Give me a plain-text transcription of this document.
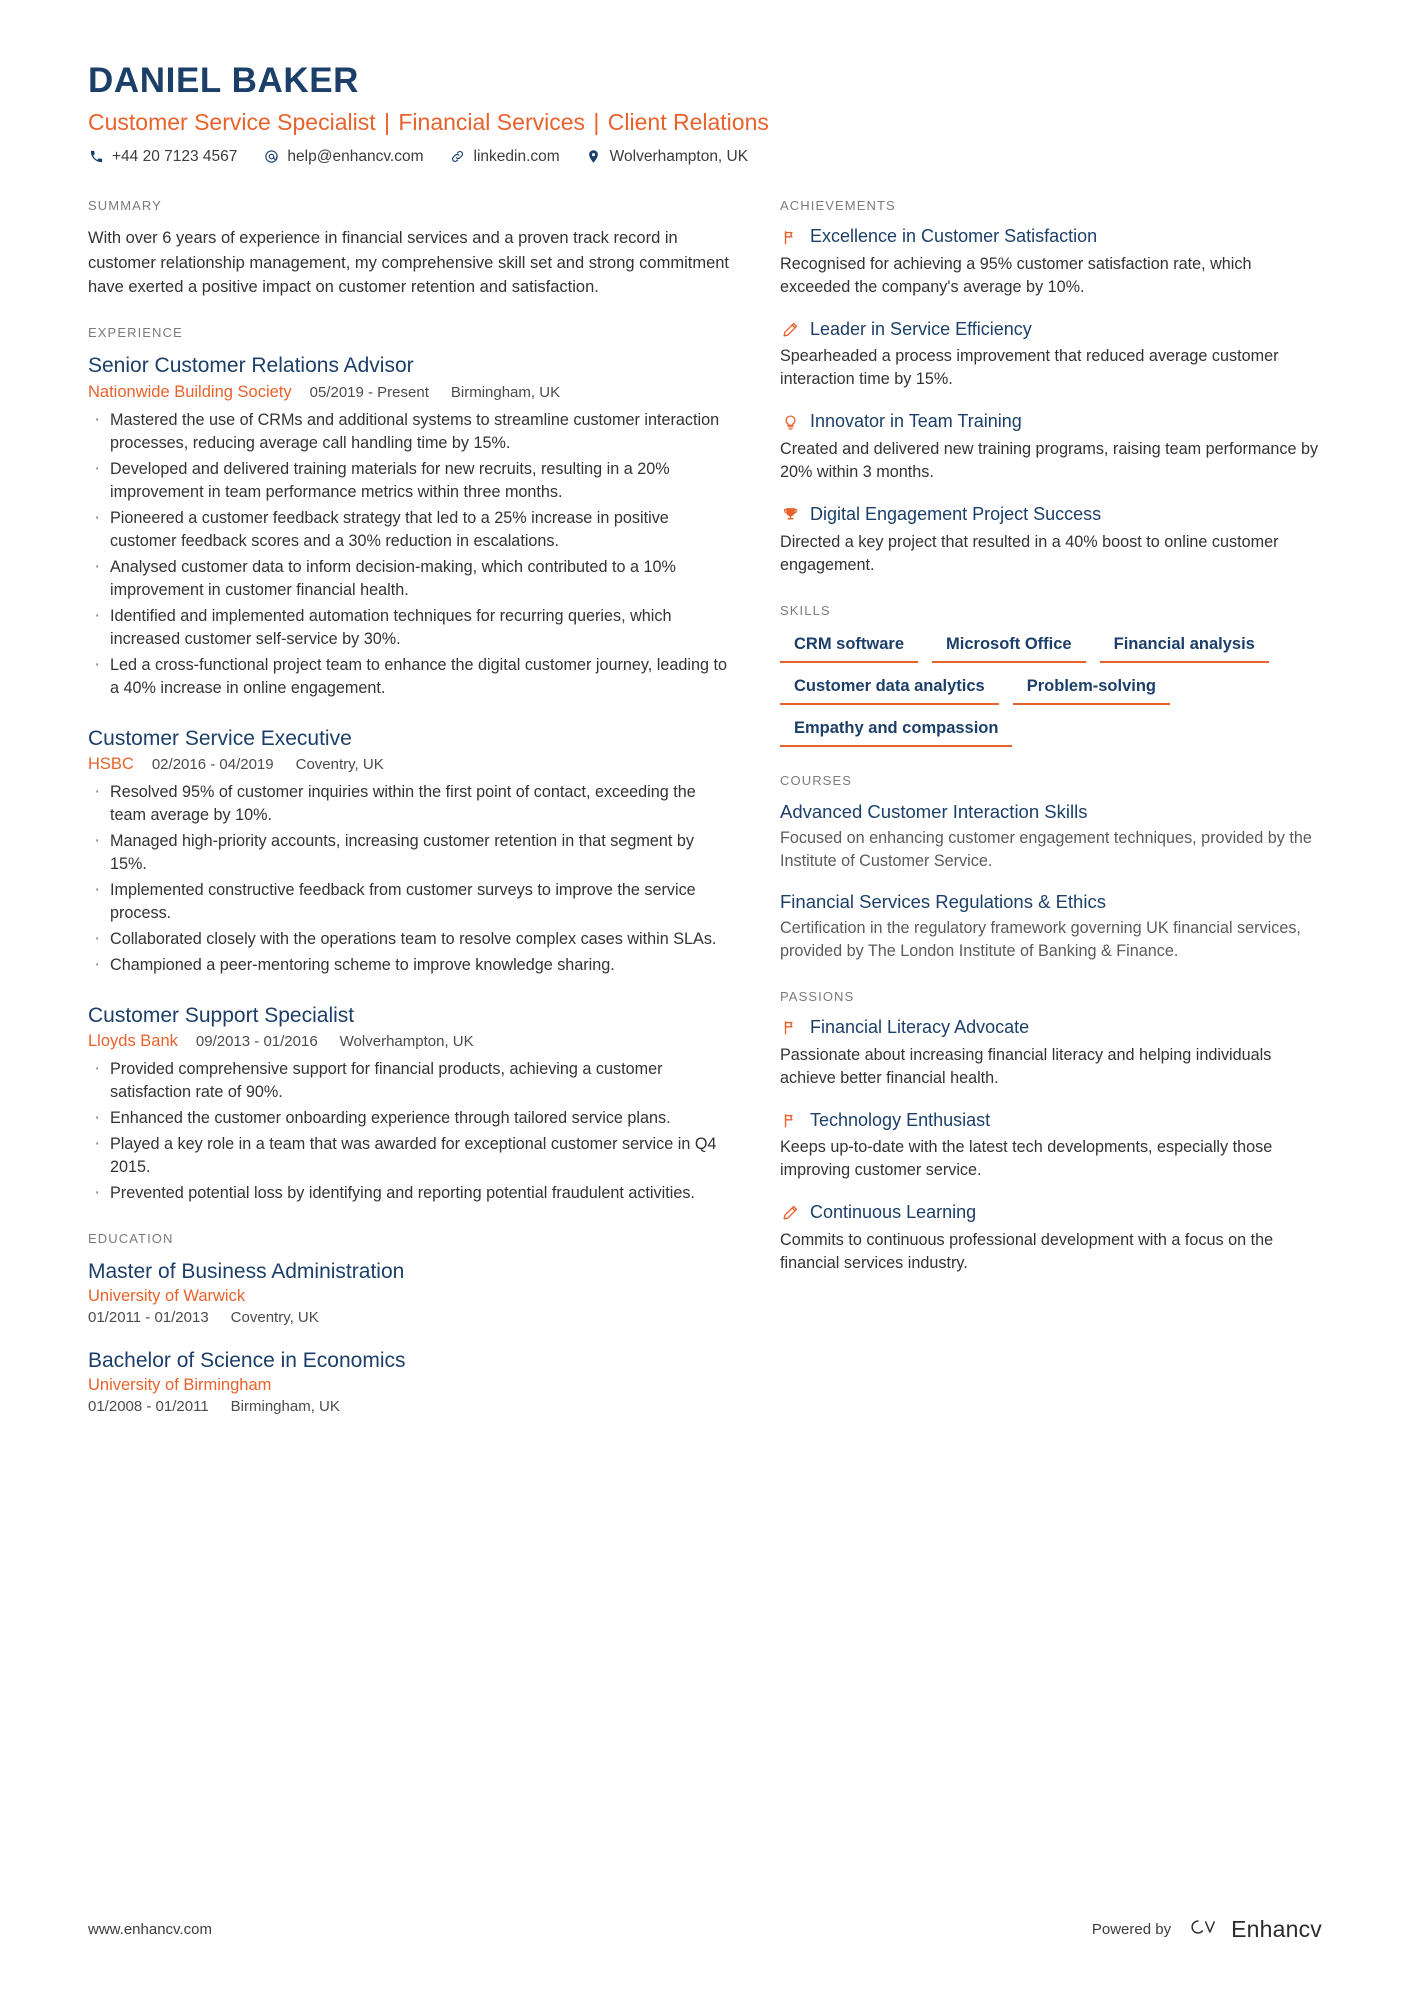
DANIEL BAKER
Customer Service Specialist | Financial Services | Client Relations
+44 20 7123 4567	help@enhancv.com	linkedin.com	Wolverhampton, UK
SUMMARY
With over 6 years of experience in financial services and a proven track record in customer relationship management, my comprehensive skill set and strong commitment have exerted a positive impact on customer retention and satisfaction.
EXPERIENCE
Senior Customer Relations Advisor
Nationwide Building Society 05/2019 - Present Birmingham, UK
· Mastered the use of CRMs and additional systems to streamline customer interaction processes, reducing average call handling time by 15%.
· Developed and delivered training materials for new recruits, resulting in a 20% improvement in team performance metrics within three months.
· Pioneered a customer feedback strategy that led to a 25% increase in positive customer feedback scores and a 30% reduction in escalations.
· Analysed customer data to inform decision-making, which contributed to a 10% improvement in customer financial health.
· Identified and implemented automation techniques for recurring queries, which increased customer self-service by 30%.
· Led a cross-functional project team to enhance the digital customer journey, leading to a 40% increase in online engagement.
Customer Service Executive
HSBC 02/2016 - 04/2019 Coventry, UK
· Resolved 95% of customer inquiries within the first point of contact, exceeding the team average by 10%.
· Managed high-priority accounts, increasing customer retention in that segment by 15%.
· Implemented constructive feedback from customer surveys to improve the service process.
· Collaborated closely with the operations team to resolve complex cases within SLAs.
· Championed a peer-mentoring scheme to improve knowledge sharing.
Customer Support Specialist
Lloyds Bank 09/2013 - 01/2016 Wolverhampton, UK
· Provided comprehensive support for financial products, achieving a customer satisfaction rate of 90%.
· Enhanced the customer onboarding experience through tailored service plans.
· Played a key role in a team that was awarded for exceptional customer service in Q4 2015.
· Prevented potential loss by identifying and reporting potential fraudulent activities.
EDUCATION
Master of Business Administration
University of Warwick
01/2011 - 01/2013 Coventry, UK
Bachelor of Science in Economics
University of Birmingham
01/2008 - 01/2011 Birmingham, UK
ACHIEVEMENTS
Excellence in Customer Satisfaction
Recognised for achieving a 95% customer satisfaction rate, which exceeded the company's average by 10%.
Leader in Service Efficiency
Spearheaded a process improvement that reduced average customer interaction time by 15%.
Innovator in Team Training
Created and delivered new training programs, raising team performance by 20% within 3 months.
Digital Engagement Project Success
Directed a key project that resulted in a 40% boost to online customer engagement.
SKILLS
CRM software	Microsoft Office	Financial analysis
Customer data analytics	Problem-solving
Empathy and compassion
COURSES
Advanced Customer Interaction Skills
Focused on enhancing customer engagement techniques, provided by the Institute of Customer Service.
Financial Services Regulations & Ethics
Certification in the regulatory framework governing UK financial services, provided by The London Institute of Banking & Finance.
PASSIONS
Financial Literacy Advocate
Passionate about increasing financial literacy and helping individuals achieve better financial health.
Technology Enthusiast
Keeps up-to-date with the latest tech developments, especially those improving customer service.
Continuous Learning
Commits to continuous professional development with a focus on the financial services industry.
www.enhancv.com	Powered by	Enhancv
